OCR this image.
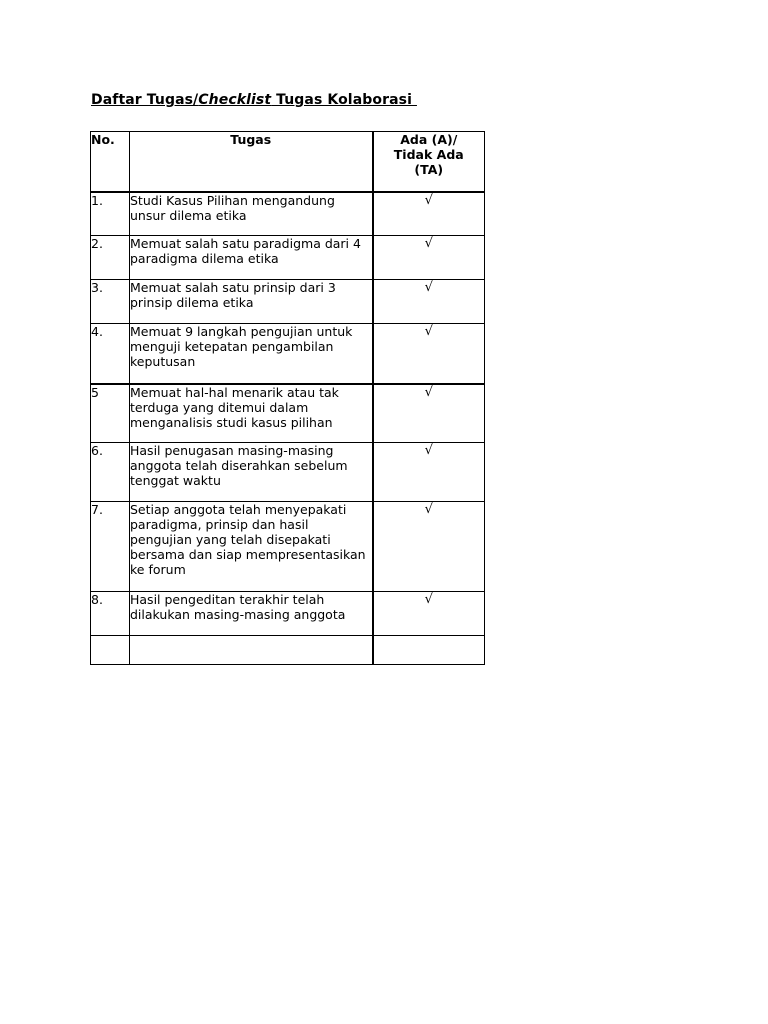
Daftar Tugas/Checklist Tugas Kolaborasi
No.	Tugas	Ada (A)/
Tidak Ada
(TA)

1.	Studi Kasus Pilihan mengandung unsur dilema etika	√
2.	Memuat salah satu paradigma dari 4 paradigma dilema etika	√
3.	Memuat salah satu prinsip dari 3 prinsip dilema etika	√
4.	Memuat 9 langkah pengujian untuk menguji ketepatan pengambilan keputusan	√
5	Memuat hal-hal menarik atau tak terduga yang ditemui dalam menganalisis studi kasus pilihan	√
6.	Hasil penugasan masing-masing anggota telah diserahkan sebelum tenggat waktu	√
7.	Setiap anggota telah menyepakati paradigma, prinsip dan hasil pengujian yang telah disepakati bersama dan siap mempresentasikan ke forum	√
8.	Hasil pengeditan terakhir telah dilakukan masing-masing anggota	√
